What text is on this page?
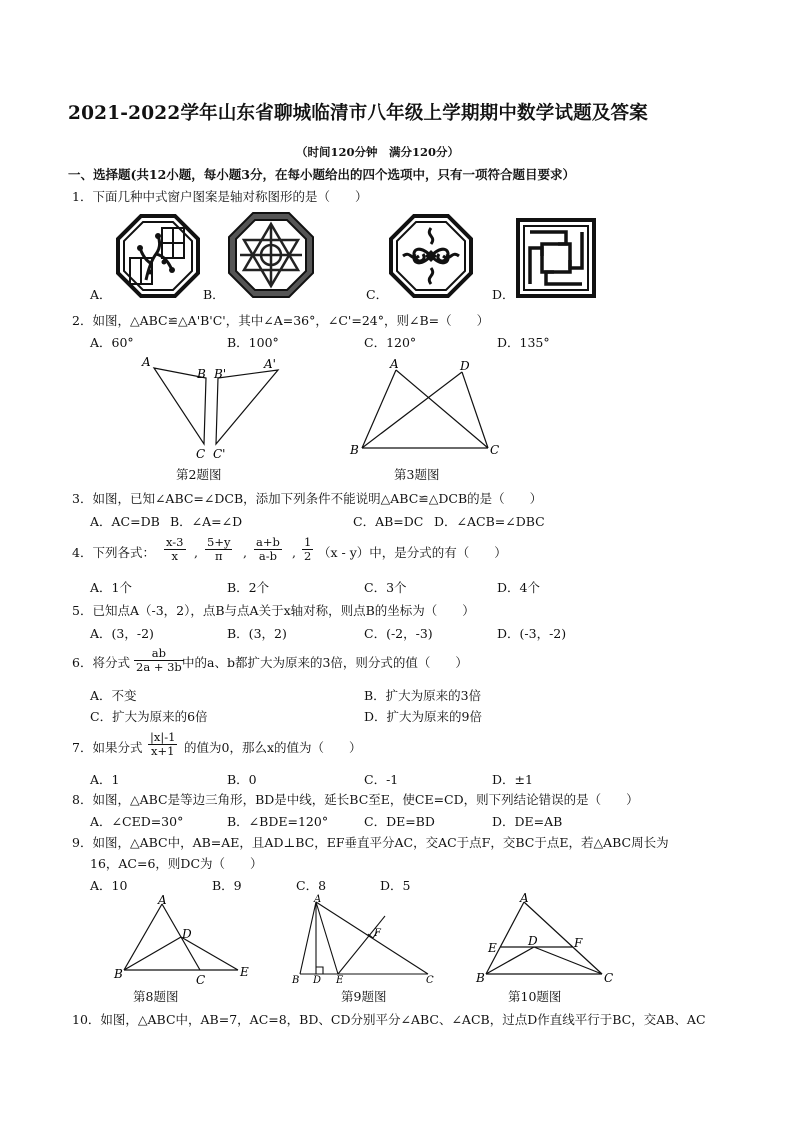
2021-2022学年山东省聊城临清市八年级上学期期中数学试题及答案
（时间120分钟　满分120分）
一、选择题(共12小题，每小题3分，在每小题给出的四个选项中，只有一项符合题目要求）
1．下面几种中式窗户图案是轴对称图形的是（　　）
A．	B．	C．	D．
2．如图，△ABC≌△A'B'C'，其中∠A=36°，∠C'=24°，则∠B=（　　）
A．60°	B．100°	C．120°	D．135°
A
B B'
A'
C C'
第2题图
A	D
B	C
第3题图
3．如图，已知∠ABC=∠DCB，添加下列条件不能说明△ABC≌△DCB的是（　　）
A．AC=DB B．∠A=∠D	C．AB=DC D．∠ACB=∠DBC
4．下列各式： $\frac{x-3}{x}$ , $\frac{5+y}{\pi}$ , $\frac{a+b}{a-b}$ , $\frac{1}{2} (x - y)$中，是分式的有（　　）
A．1个	B．2个	C．3个	D．4个
5．已知点A（-3，2），点B与点A关于x轴对称，则点B的坐标为（　　）
A．(3，-2)	B．(3，2)	C．(-2，-3)	D．(-3，-2)
6．将分式 $\frac{ab}{2a + 3b}$
中的a、b都扩大为原来的3倍，则分式的值（　　）
A．不变	B．扩大为原来的3倍
C．扩大为原来的6倍	D．扩大为原来的9倍
7．如果分式 $\frac{|x|-1}{x+1}$ 的值为0，那么x的值为（　　）
A．1	B．0	C．-1	D．±1
8．如图，△ABC是等边三角形，BD是中线，延长BC至E，使CE=CD，则下列结论错误的是（　　）
A．∠CED=30°	B．∠BDE=120°	C．DE=BD	D．DE=AB
9．如图，△ABC中，AB=AE，且AD⊥BC，EF垂直平分AC，交AC于点F，交BC于点E，若△ABC周长为
16，AC=6，则DC为（　　）
A．10	B．9	C．8	D．5
A
D
B	C
E
第8题图
A
F
B D E	C
第9题图
A
E	D	F
B	C
第10题图
10．如图，△ABC中，AB=7，AC=8，BD、CD分别平分∠ABC、∠ACB，过点D作直线平行于BC，交AB、AC
